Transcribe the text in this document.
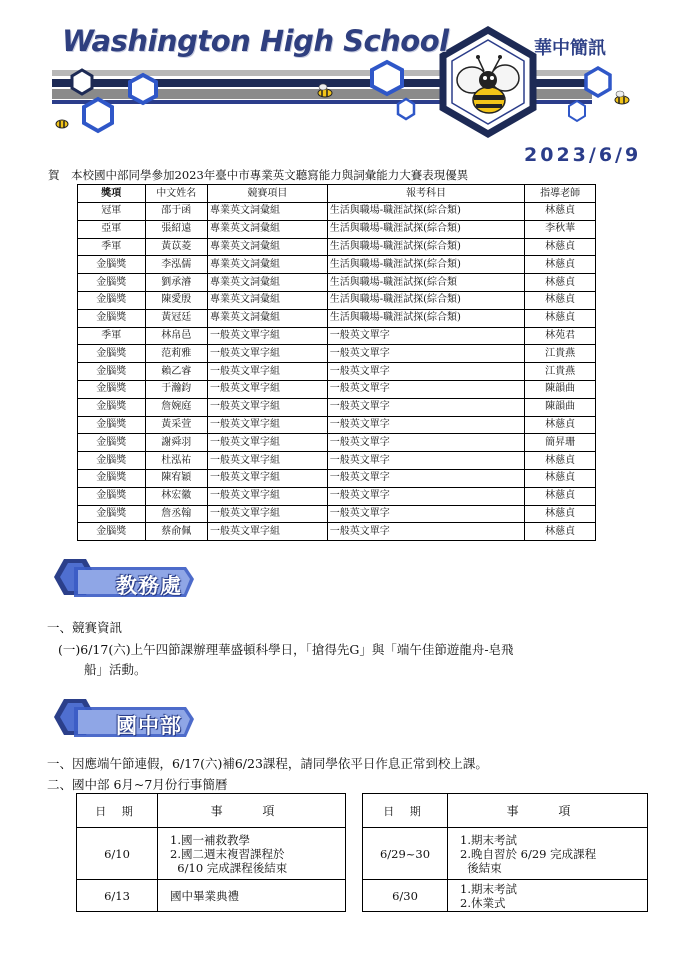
Washington High School	華中簡訊
2023/6/9
賀　本校國中部同學參加2023年臺中市專業英文聽寫能力與詞彙能力大賽表現優異
獎項	中文姓名	競賽項目	報考科目	指導老師
冠軍	邵于函	專業英文詞彙組	生活與職場-職涯試探(綜合類)	林慈貞
亞軍	張紹遠	專業英文詞彙組	生活與職場-職涯試探(綜合類)	李秋華
季軍	黃苡菱	專業英文詞彙組	生活與職場-職涯試探(綜合類)	林慈貞
金腦獎	李泓儒	專業英文詞彙組	生活與職場-職涯試探(綜合類)	林慈貞
金腦獎	劉承濬	專業英文詞彙組	生活與職場-職涯試探(綜合類	林慈貞
金腦獎	陳愛殷	專業英文詞彙組	生活與職場-職涯試探(綜合類)	林慈貞
金腦獎	黃冠廷	專業英文詞彙組	生活與職場-職涯試探(綜合類)	林慈貞
季軍	林帛邑	一般英文單字組	一般英文單字	林苑君
金腦獎	范莉雅	一般英文單字組	一般英文單字	江貴燕
金腦獎	賴乙睿	一般英文單字組	一般英文單字	江貴燕
金腦獎	于瀚鈞	一般英文單字組	一般英文單字	陳韻曲
金腦獎	詹婉庭	一般英文單字組	一般英文單字	陳韻曲
金腦獎	黃采萱	一般英文單字組	一般英文單字	林慈貞
金腦獎	謝舜羽	一般英文單字組	一般英文單字	簡昇珊
金腦獎	杜泓祐	一般英文單字組	一般英文單字	林慈貞
金腦獎	陳宥穎	一般英文單字組	一般英文單字	林慈貞
金腦獎	林宏徽	一般英文單字組	一般英文單字	林慈貞
金腦獎	詹丞翰	一般英文單字組	一般英文單字	林慈貞
金腦獎	蔡俞佩	一般英文單字組	一般英文單字	林慈貞
教務處
一、競賽資訊
(一)6/17(六)上午四節課辦理華盛頓科學日，「搶得先G」與「端午佳節遊龍舟-皂飛
船」活動。
國中部
一、因應端午節連假，6/17(六)補6/23課程，請同學依平日作息正常到校上課。
二、國中部 6月~7月份行事簡曆
日 期	事 項
6/10	1.國一補救教學
2.國二週末複習課程於
6/10 完成課程後結束

6/13	國中畢業典禮
日 期	事 項
6/29~30	1.期末考試
2.晚自習於 6/29 完成課程
後結束

6/30	1.期末考試
2.休業式
